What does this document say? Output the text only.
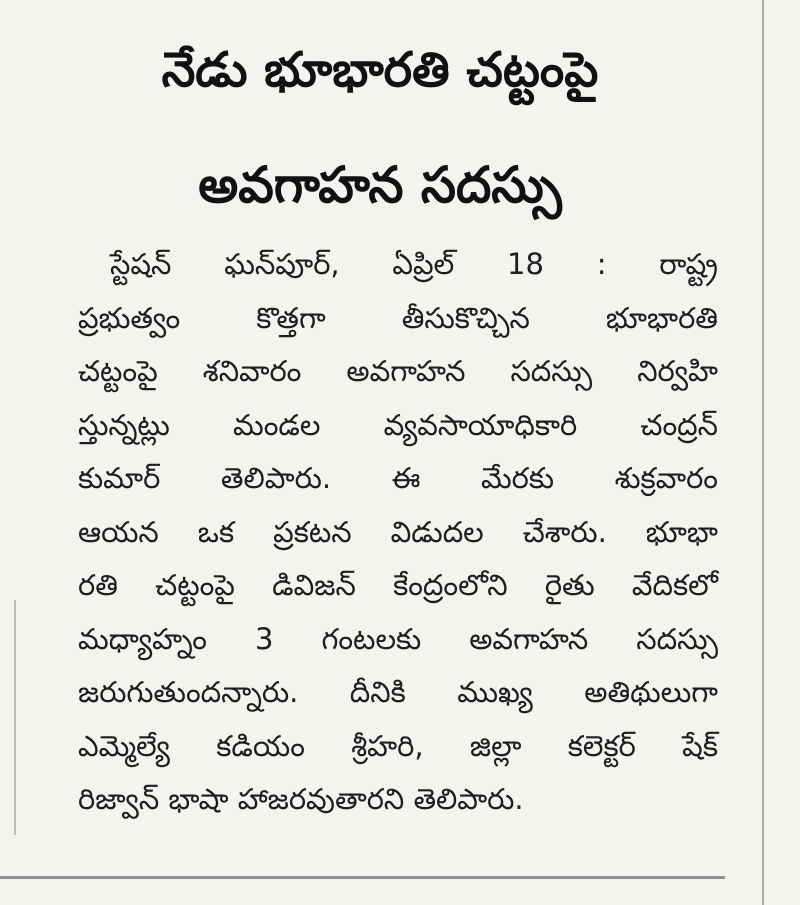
నేడు భూభారతి చట్టంపై
అవగాహన సదస్సు
స్టేషన్ ఘన్‌పూర్, ఏప్రిల్ 18 : రాష్ట్ర
ప్రభుత్వం కొత్తగా తీసుకొచ్చిన భూభారతి
చట్టంపై శనివారం అవగాహన సదస్సు నిర్వహి
స్తున్నట్లు మండల వ్యవసాయాధికారి చంద్రన్
కుమార్ తెలిపారు. ఈ మేరకు శుక్రవారం
ఆయన ఒక ప్రకటన విడుదల చేశారు. భూభా
రతి చట్టంపై డివిజన్ కేంద్రంలోని రైతు వేదికలో
మధ్యాహ్నం 3 గంటలకు అవగాహన సదస్సు
జరుగుతుందన్నారు. దీనికి ముఖ్య అతిథులుగా
ఎమ్మెల్యే కడియం శ్రీహరి, జిల్లా కలెక్టర్ షేక్
రిజ్వాన్ భాషా హాజరవుతారని తెలిపారు.
